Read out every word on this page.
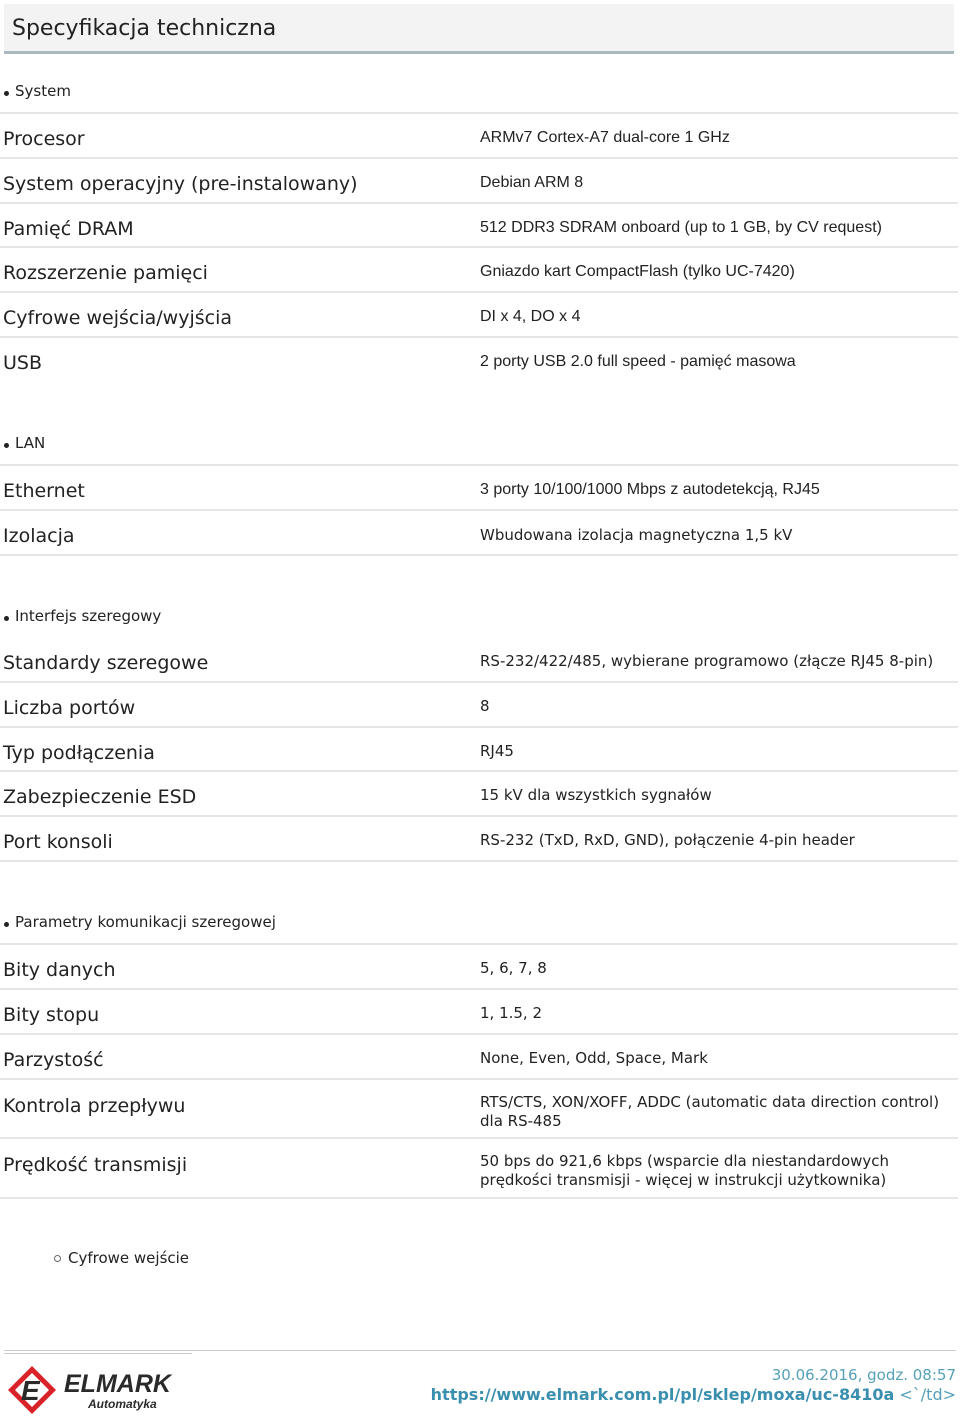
Specyfikacja techniczna
System
Procesor	ARMv7 Cortex-A7 dual-core 1 GHz
System operacyjny (pre-instalowany)	Debian ARM 8
Pamięć DRAM	512 DDR3 SDRAM onboard (up to 1 GB, by CV request)
Rozszerzenie pamięci	Gniazdo kart CompactFlash (tylko UC-7420)
Cyfrowe wejścia/wyjścia	DI x 4, DO x 4
USB	2 porty USB 2.0 full speed - pamięć masowa
LAN
Ethernet	3 porty 10/100/1000 Mbps z autodetekcją, RJ45
Izolacja	Wbudowana izolacja magnetyczna 1,5 kV
Interfejs szeregowy
Standardy szeregowe	RS-232/422/485, wybierane programowo (złącze RJ45 8-pin)
Liczba portów	8
Typ podłączenia	RJ45
Zabezpieczenie ESD	15 kV dla wszystkich sygnałów
Port konsoli	RS-232 (TxD, RxD, GND), połączenie 4-pin header
Parametry komunikacji szeregowej
Bity danych	5, 6, 7, 8
Bity stopu	1, 1.5, 2
Parzystość	None, Even, Odd, Space, Mark
Kontrola przepływu	RTS/CTS, XON/XOFF, ADDC (automatic data direction control) dla RS-485
Prędkość transmisji	50 bps do 921,6 kbps (wsparcie dla niestandardowych prędkości transmisji - więcej w instrukcji użytkownika)
Cyfrowe wejście
E ELMARK
Automatyka
30.06.2016, godz. 08:57
https://www.elmark.com.pl/pl/sklep/moxa/uc-8410a <`/td>
